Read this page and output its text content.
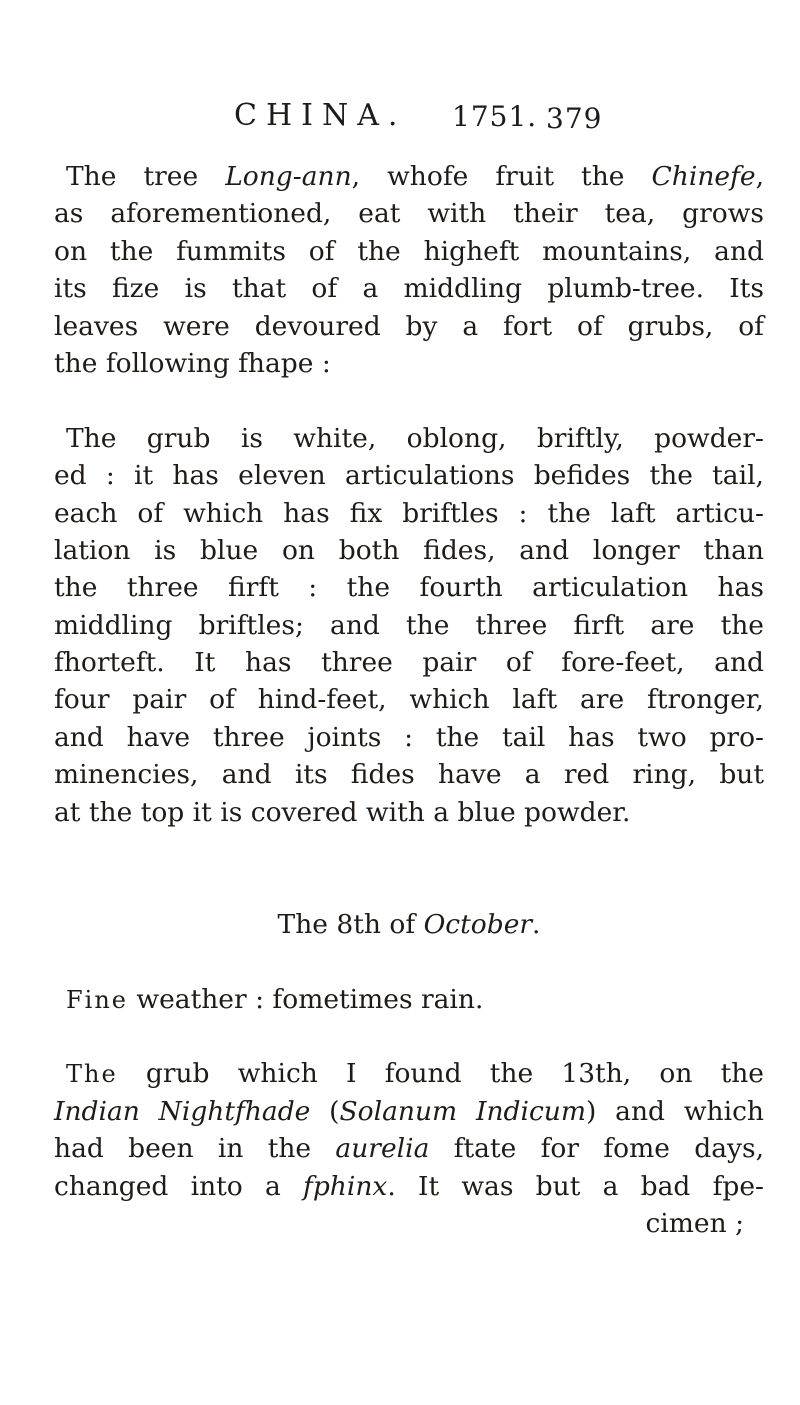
CHINA. 1751. 379
The tree Long-ann, whofe fruit the Chinefe,
as aforementioned, eat with their tea, grows
on the fummits of the higheft mountains, and
its fize is that of a middling plumb-tree. Its
leaves were devoured by a fort of grubs, of
the following fhape :
The grub is white, oblong, briftly, powder-
ed : it has eleven articulations befides the tail,
each of which has fix briftles : the laft articu-
lation is blue on both fides, and longer than
the three firft : the fourth articulation has
middling briftles; and the three firft are the
fhorteft. It has three pair of fore-feet, and
four pair of hind-feet, which laft are ftronger,
and have three joints : the tail has two pro-
minencies, and its fides have a red ring, but
at the top it is covered with a blue powder.
The 8th of October.
Fine weather : fometimes rain.
The grub which I found the 13th, on the
Indian Nightfhade (Solanum Indicum) and which
had been in the aurelia ftate for fome days,
changed into a fphinx. It was but a bad fpe-
cimen ;
